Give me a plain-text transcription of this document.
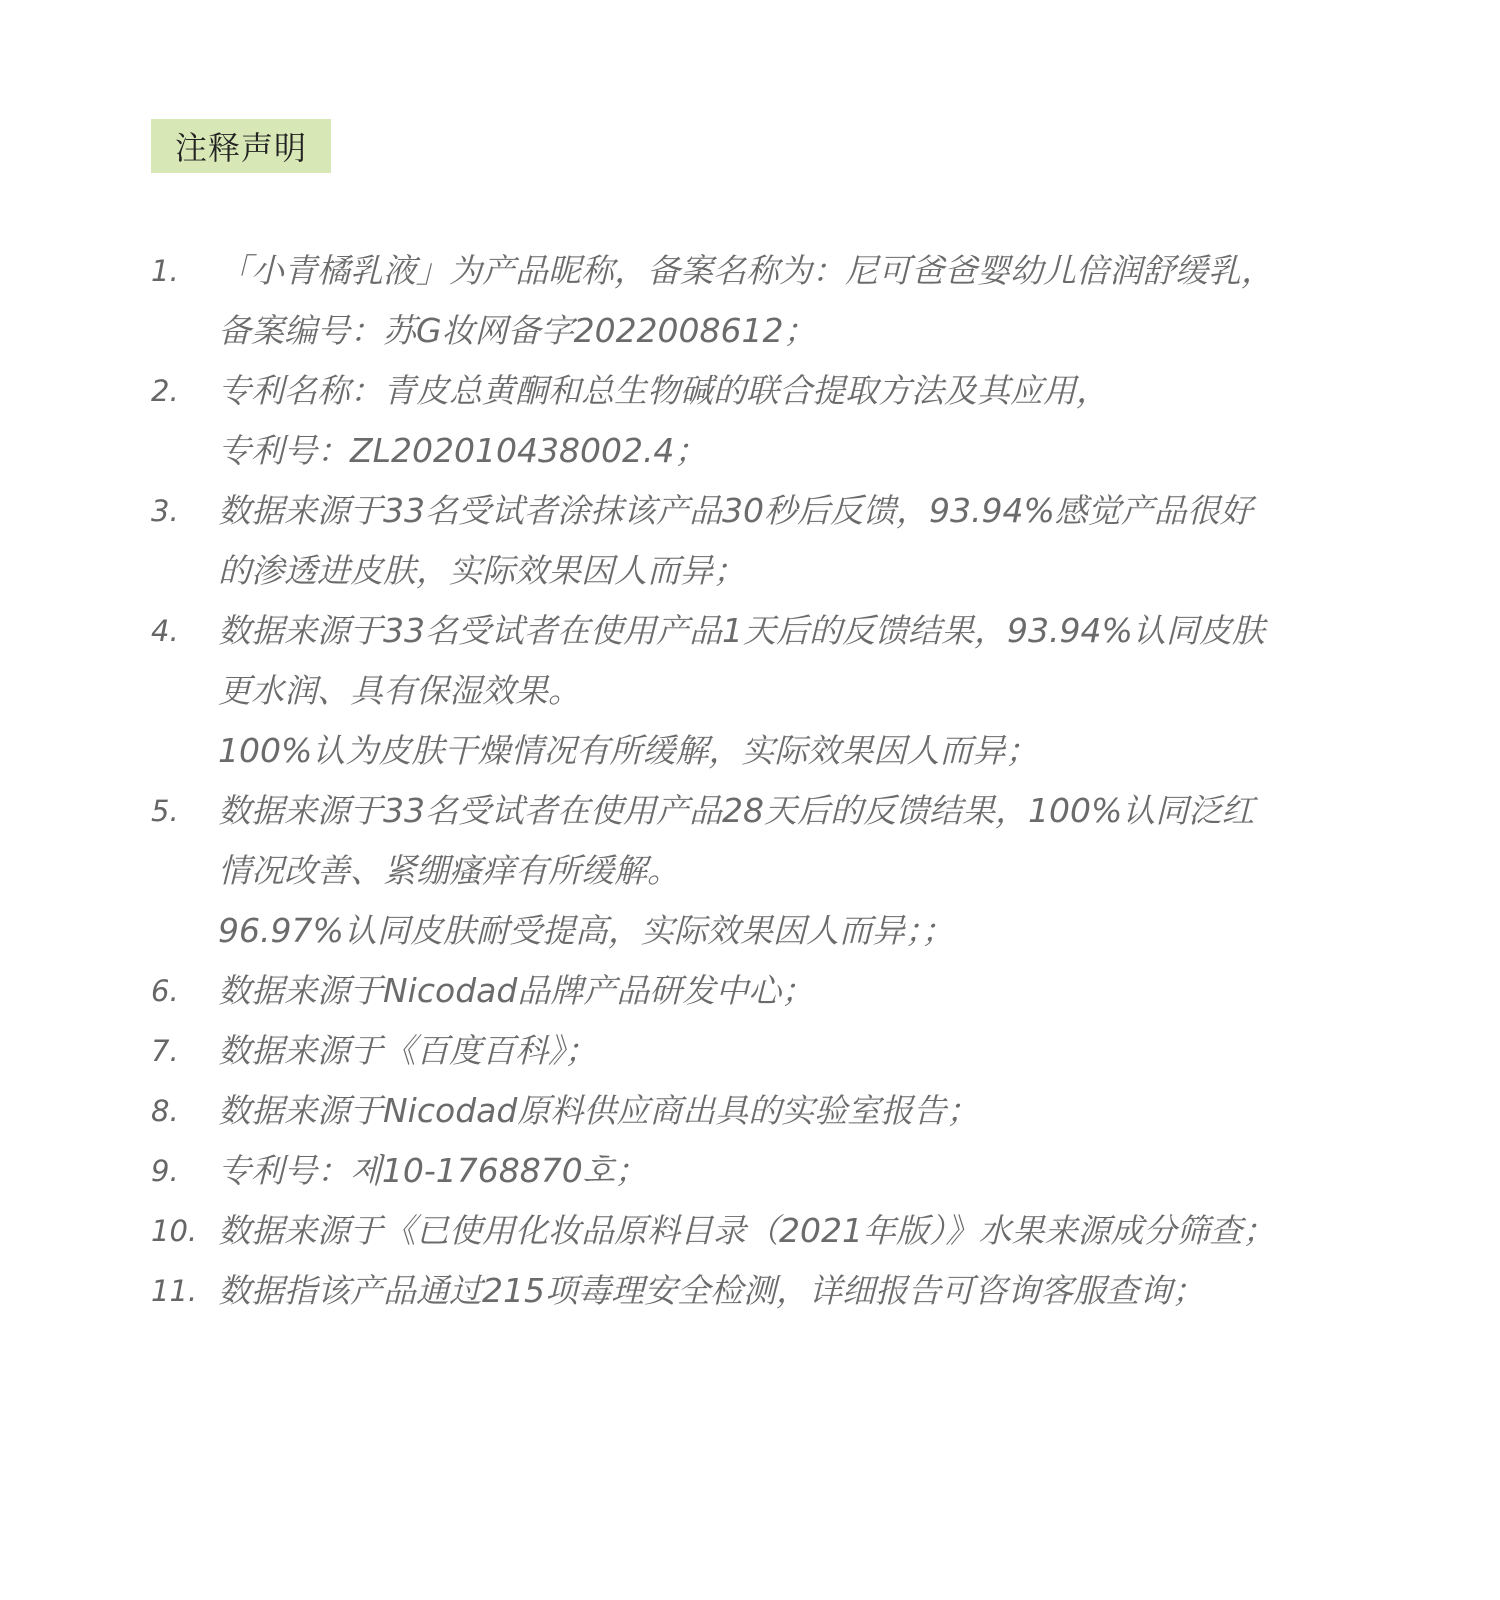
注释声明
1.	「小青橘乳液」为产品昵称，备案名称为：尼可爸爸婴幼儿倍润舒缓乳，
备案编号：苏G妆网备字2022008612；
2.	专利名称：青皮总黄酮和总生物碱的联合提取方法及其应用，
专利号：ZL202010438002.4；
3.	数据来源于33名受试者涂抹该产品30秒后反馈，93.94%感觉产品很好
的渗透进皮肤，实际效果因人而异；
4.	数据来源于33名受试者在使用产品1天后的反馈结果，93.94%认同皮肤
更水润、具有保湿效果。
100%认为皮肤干燥情况有所缓解，实际效果因人而异；
5.	数据来源于33名受试者在使用产品28天后的反馈结果，100%认同泛红
情况改善、紧绷瘙痒有所缓解。
96.97%认同皮肤耐受提高，实际效果因人而异；；
6.	数据来源于Nicodad品牌产品研发中心；
7.	数据来源于《百度百科》；
8.	数据来源于Nicodad原料供应商出具的实验室报告；
9.	专利号：제10-1768870호；
10. 数据来源于《已使用化妆品原料目录（2021年版）》水果来源成分筛查；
11. 数据指该产品通过215项毒理安全检测，详细报告可咨询客服查询；
